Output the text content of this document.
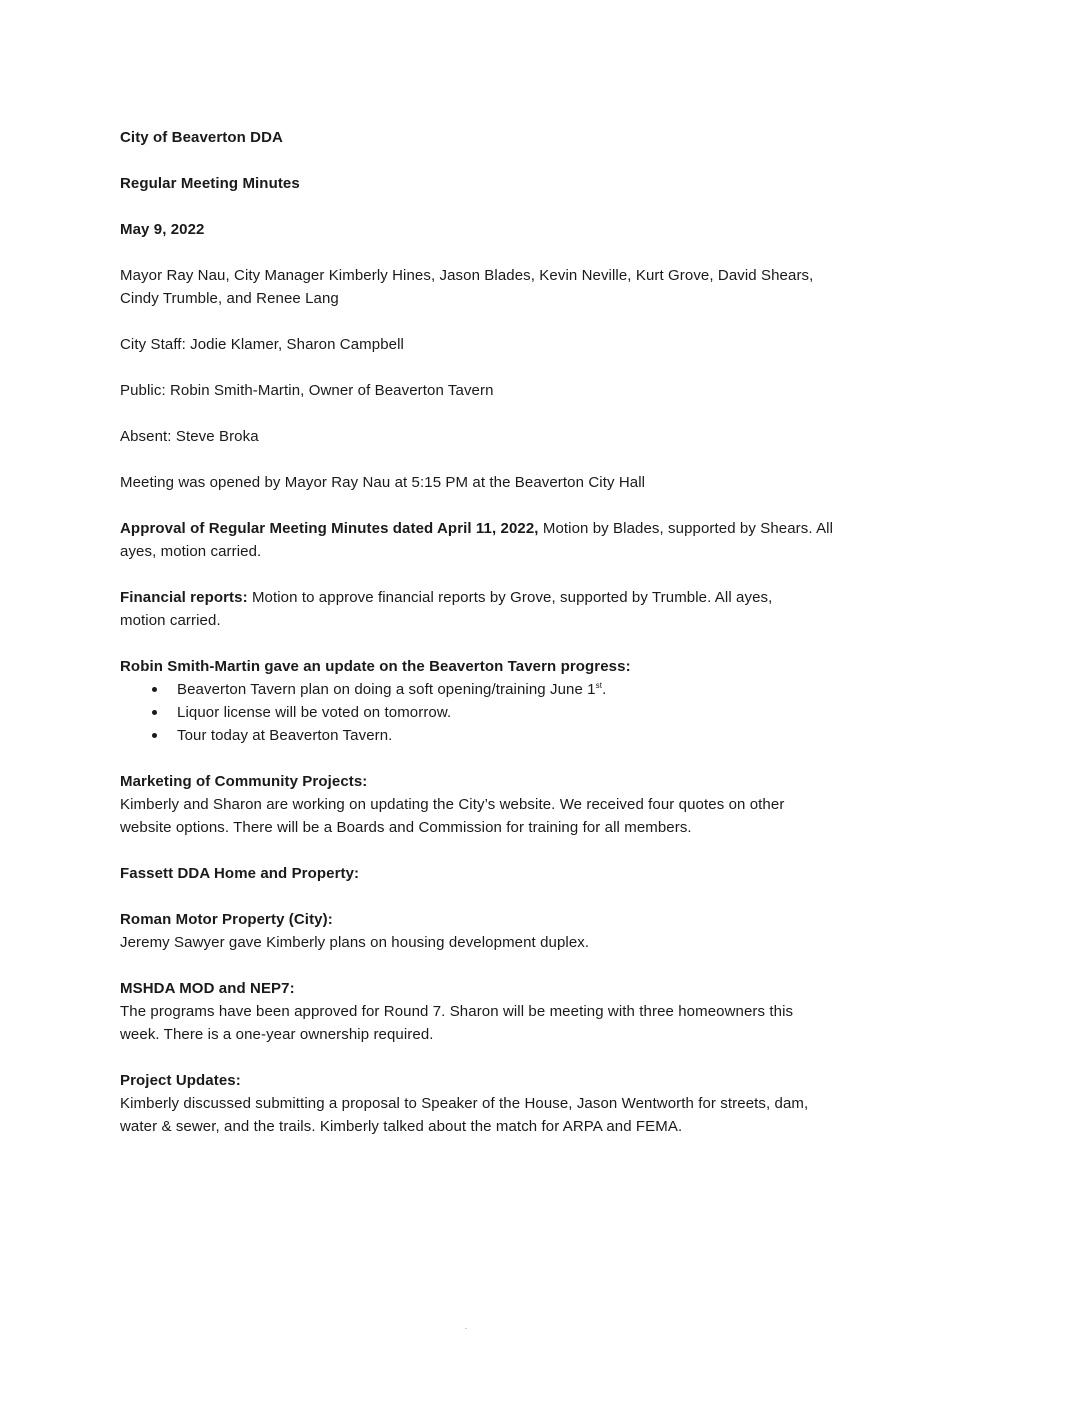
City of Beaverton DDA

Regular Meeting Minutes

May 9, 2022

Mayor Ray Nau, City Manager Kimberly Hines, Jason Blades, Kevin Neville, Kurt Grove, David Shears,

Cindy Trumble, and Renee Lang

City Staff: Jodie Klamer, Sharon Campbell

Public: Robin Smith-Martin, Owner of Beaverton Tavern

Absent: Steve Broka

Meeting was opened by Mayor Ray Nau at 5:15 PM at the Beaverton City Hall

Approval of Regular Meeting Minutes dated April 11, 2022, Motion by Blades, supported by Shears. All

ayes, motion carried.

Financial reports: Motion to approve financial reports by Grove, supported by Trumble. All ayes,

motion carried.

Robin Smith-Martin gave an update on the Beaverton Tavern progress:

Beaverton Tavern plan on doing a soft opening/training June 1st.
Liquor license will be voted on tomorrow.
Tour today at Beaverton Tavern.

Marketing of Community Projects:

Kimberly and Sharon are working on updating the City’s website. We received four quotes on other

website options. There will be a Boards and Commission for training for all members.

Fassett DDA Home and Property:

Roman Motor Property (City):

Jeremy Sawyer gave Kimberly plans on housing development duplex.

MSHDA MOD and NEP7:

The programs have been approved for Round 7. Sharon will be meeting with three homeowners this

week. There is a one-year ownership required.

Project Updates:

Kimberly discussed submitting a proposal to Speaker of the House, Jason Wentworth for streets, dam,

water & sewer, and the trails. Kimberly talked about the match for ARPA and FEMA.
